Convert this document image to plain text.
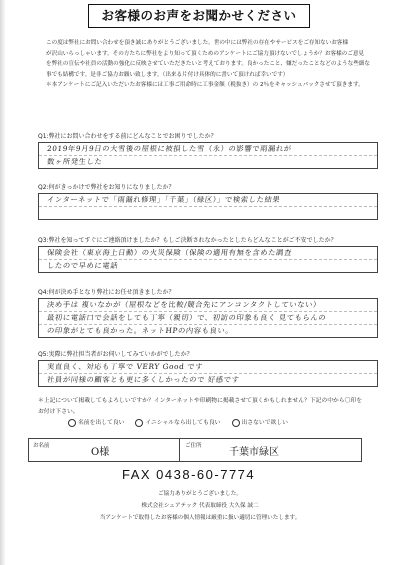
お客様のお声をお聞かせください

この度は弊社にお問い合わせを頂き誠にありがとうございました。世の中には弊社の存在やサービスをご存知ないお客様

が沢山いらっしゃいます。その方たちに弊社をより知って頂くためのアンケートにご協力頂けないでしょうか？お客様のご意見

を弊社の宣伝や社員の活動の強化に反映させていただきたいと考えております。良かったこと、嫌だったことなどのような些細な

事でも結構です。是非ご協力お願い致します。（出来る片付け具体的に書いて頂ければ幸いです）

＊本アンケートにご記入いただいたお客様には工事ご用命時に工事金額（税抜き）の 2％をキャッシュバックさせて頂きます。

Q1:弊社にお問い合わせをする前にどんなことでお困りでしたか？
2019年9月9日の大雪後の屋根に被損した雪（永）の影響で雨漏れが
数ヶ所発生した
Q2:何がきっかけで弊社をお知りになりましたか？
インターネットで「雨漏れ修理」「千葉」（緑区）」で検索した結果
Q3:弊社を知ってすぐにご連絡頂けましたか？もしご決断されなかったとしたらどんなことがご不安でしたか？
保険会社（東京海上日動）の火災保険（保険の適用有無を含めた調査
したので早めに電話
Q4:何が決め手となり弊社にお任せ頂きましたか？
決め手は 複いなかが（屋根などを比較/競合先にアンコンタクトしていない）
最初に電話口で会話をしても丁寧（親切）で、初訪の印象も良く 見てもらんの
の印象がとても良かった。ネットHPの内容も良い。
Q5:実際に弊社担当者がお伺いしてみていかがでしたか？
実直良く、対応も丁寧で VERY Good です
社員が同様の顧客とも更に多くしかったので 好感です
＊上記について掲載してもよろしいですか？インターネットや印刷物に掲載させて頂くかもしれません？下記の中から〇印を
お付け下さい。
名前を出して良い	イニシャルなら出しても良い	出さないで欲しい
お名前
O様
ご住所
千葉市緑区
FAX 0438-60-7774
ご協力ありがとうございました。
株式会社シェアテック 代表取締役 大久保 誠二
当アンケートで取得したお客様の個人情報は厳重に扱い適切に管理いたします。
